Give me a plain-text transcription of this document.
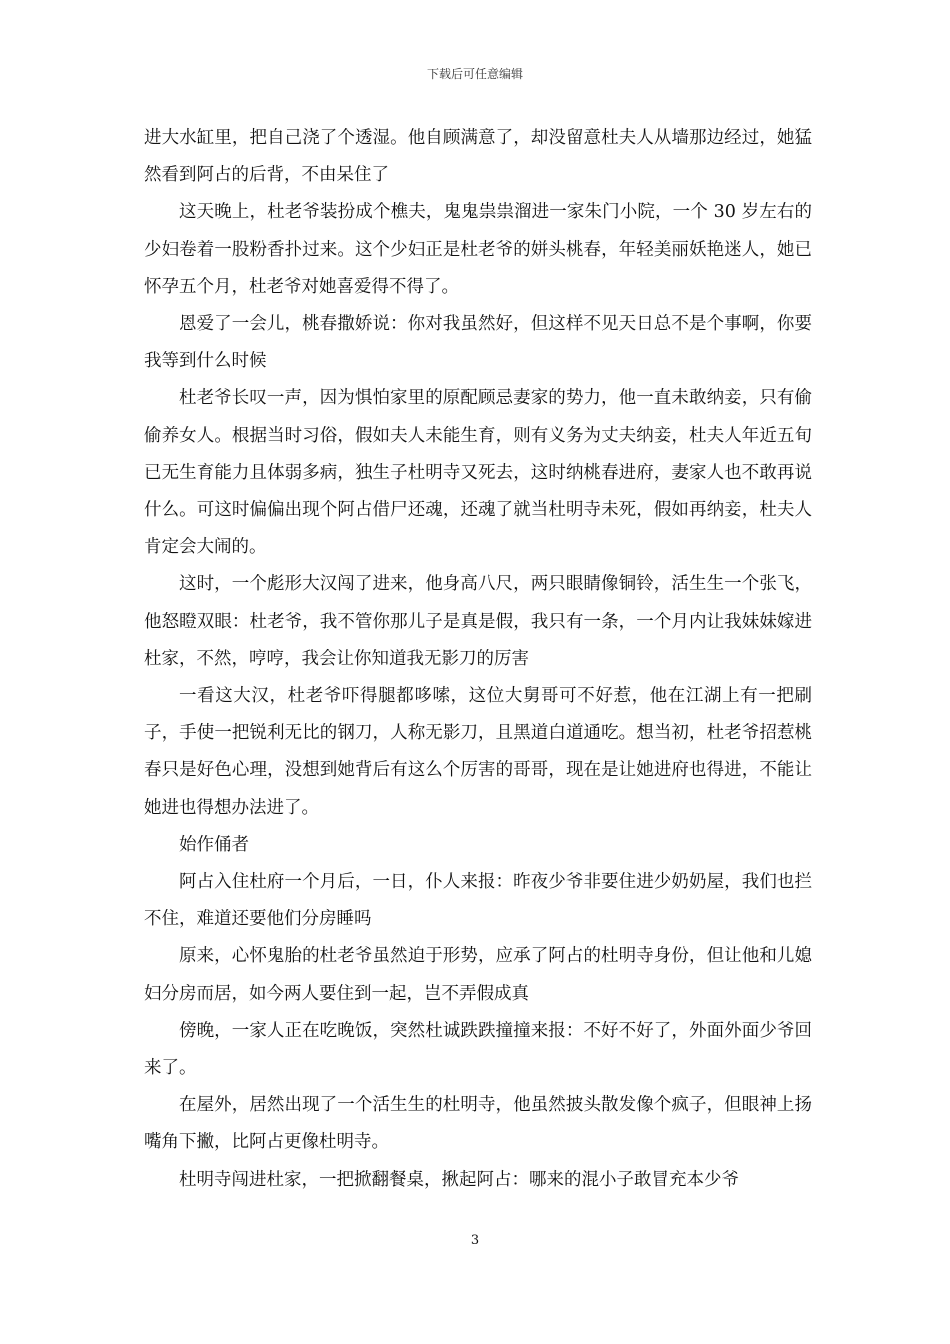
下载后可任意编辑

进大水缸里，把自己浇了个透湿。他自顾满意了，却没留意杜夫人从墙那边经过，她猛然看到阿占的后背，不由呆住了

这天晚上，杜老爷装扮成个樵夫，鬼鬼祟祟溜进一家朱门小院，一个 30 岁左右的少妇卷着一股粉香扑过来。这个少妇正是杜老爷的姘头桃春，年轻美丽妖艳迷人，她已怀孕五个月，杜老爷对她喜爱得不得了。

恩爱了一会儿，桃春撒娇说：你对我虽然好，但这样不见天日总不是个事啊，你要我等到什么时候

杜老爷长叹一声，因为惧怕家里的原配顾忌妻家的势力，他一直未敢纳妾，只有偷偷养女人。根据当时习俗，假如夫人未能生育，则有义务为丈夫纳妾，杜夫人年近五旬已无生育能力且体弱多病，独生子杜明寺又死去，这时纳桃春进府，妻家人也不敢再说什么。可这时偏偏出现个阿占借尸还魂，还魂了就当杜明寺未死，假如再纳妾，杜夫人肯定会大闹的。

这时，一个彪形大汉闯了进来，他身高八尺，两只眼睛像铜铃，活生生一个张飞，他怒瞪双眼：杜老爷，我不管你那儿子是真是假，我只有一条，一个月内让我妹妹嫁进杜家，不然，哼哼，我会让你知道我无影刀的厉害

一看这大汉，杜老爷吓得腿都哆嗦，这位大舅哥可不好惹，他在江湖上有一把刷子，手使一把锐利无比的钢刀，人称无影刀，且黑道白道通吃。想当初，杜老爷招惹桃春只是好色心理，没想到她背后有这么个厉害的哥哥，现在是让她进府也得进，不能让她进也得想办法进了。

始作俑者

阿占入住杜府一个月后，一日，仆人来报：昨夜少爷非要住进少奶奶屋，我们也拦不住，难道还要他们分房睡吗

原来，心怀鬼胎的杜老爷虽然迫于形势，应承了阿占的杜明寺身份，但让他和儿媳妇分房而居，如今两人要住到一起，岂不弄假成真

傍晚，一家人正在吃晚饭，突然杜诚跌跌撞撞来报：不好不好了，外面外面少爷回来了。

在屋外，居然出现了一个活生生的杜明寺，他虽然披头散发像个疯子，但眼神上扬嘴角下撇，比阿占更像杜明寺。

杜明寺闯进杜家，一把掀翻餐桌，揪起阿占：哪来的混小子敢冒充本少爷

3
